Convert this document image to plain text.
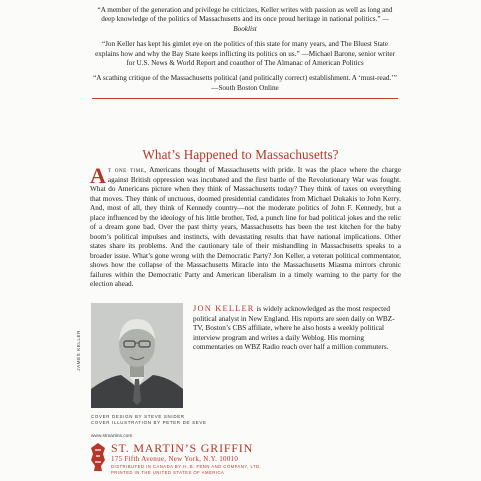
“A member of the generation and privilege he criticizes, Keller writes with passion as well as long and deep knowledge of the politics of Massachusetts and its once proud heritage in national politics.” —Booklist

“Jon Keller has kept his gimlet eye on the politics of this state for many years, and The Bluest State explains how and why the Bay State keeps inflicting its politics on us.” —Michael Barone, senior writer for U.S. News & World Report and coauthor of The Almanac of American Politics

“A scathing critique of the Massachusetts political (and politically correct) establishment. A ‘must-read.’” —South Boston Online

What’s Happened to Massachusetts?
At one time, Americans thought of Massachusetts with pride. It was the place where the charge against British oppression was incubated and the first battle of the Revolutionary War was fought. What do Americans picture when they think of Massachusetts today? They think of taxes on everything that moves. They think of unctuous, doomed presidential candidates from Michael Dukakis to John Kerry. And, most of all, they think of Kennedy country—not the moderate politics of John F. Kennedy, but a place influenced by the ideology of his little brother, Ted, a punch line for bad political jokes and the relic of a dream gone bad. Over the past thirty years, Massachusetts has been the test kitchen for the baby boom’s political impulses and instincts, with devastating results that have national implications. Other states share its problems. And the cautionary tale of their mishandling in Massachusetts speaks to a broader issue. What’s gone wrong with the Democratic Party? Jon Keller, a veteran political commentator, shows how the collapse of the Massachusetts Miracle into the Massachusetts Miasma mirrors chronic failures within the Democratic Party and American liberalism in a timely warning to the party for the election ahead.
JAMES KELLER
JON KELLER is widely acknowledged as the most respected political analyst in New England. His reports are seen daily on WBZ-TV, Boston’s CBS affiliate, where he also hosts a weekly political interview program and writes a daily Weblog. His morning commentaries on WBZ Radio reach over half a million commuters.
COVER DESIGN BY STEVE SNIDER
COVER ILLUSTRATION BY PETER DE SEVE
www.stmartins.com
ST. MARTIN’S GRIFFIN
175 Fifth Avenue, New York, N.Y. 10010
DISTRIBUTED IN CANADA BY H. B. FENN AND COMPANY, LTD.
PRINTED IN THE UNITED STATES OF AMERICA
